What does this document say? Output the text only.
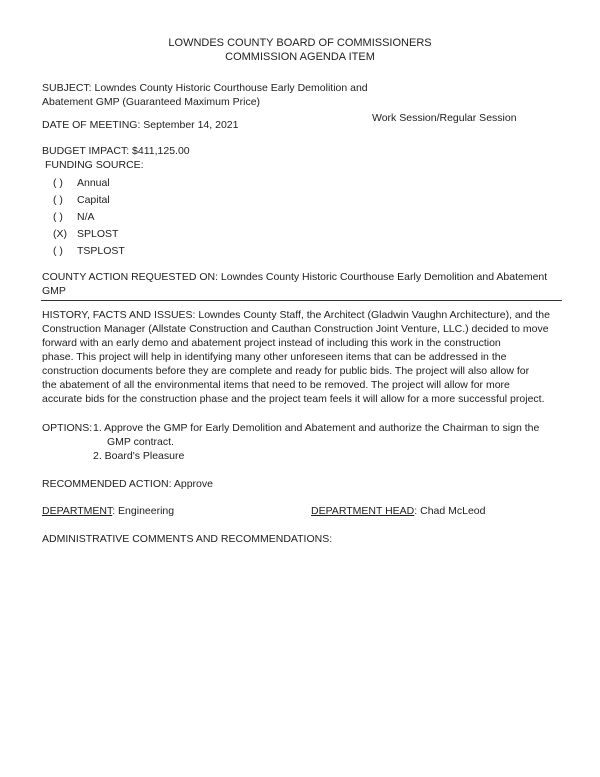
LOWNDES COUNTY BOARD OF COMMISSIONERS
COMMISSION AGENDA ITEM
SUBJECT: Lowndes County Historic Courthouse Early Demolition and
Abatement GMP (Guaranteed Maximum Price)
DATE OF MEETING: September 14, 2021
Work Session/Regular Session
BUDGET IMPACT: $411,125.00
FUNDING SOURCE:
( ) Annual
( ) Capital
( ) N/A
(X) SPLOST
( ) TSPLOST
COUNTY ACTION REQUESTED ON: Lowndes County Historic Courthouse Early Demolition and Abatement
GMP
HISTORY, FACTS AND ISSUES: Lowndes County Staff, the Architect (Gladwin Vaughn Architecture), and the
Construction Manager (Allstate Construction and Cauthan Construction Joint Venture, LLC.) decided to move
forward with an early demo and abatement project instead of including this work in the construction
phase. This project will help in identifying many other unforeseen items that can be addressed in the
construction documents before they are complete and ready for public bids. The project will also allow for
the abatement of all the environmental items that need to be removed. The project will allow for more
accurate bids for the construction phase and the project team feels it will allow for a more successful project.
OPTIONS: 1. Approve the GMP for Early Demolition and Abatement and authorize the Chairman to sign the
GMP contract.
2. Board's Pleasure
RECOMMENDED ACTION: Approve
DEPARTMENT: Engineering	DEPARTMENT HEAD: Chad McLeod
ADMINISTRATIVE COMMENTS AND RECOMMENDATIONS:
